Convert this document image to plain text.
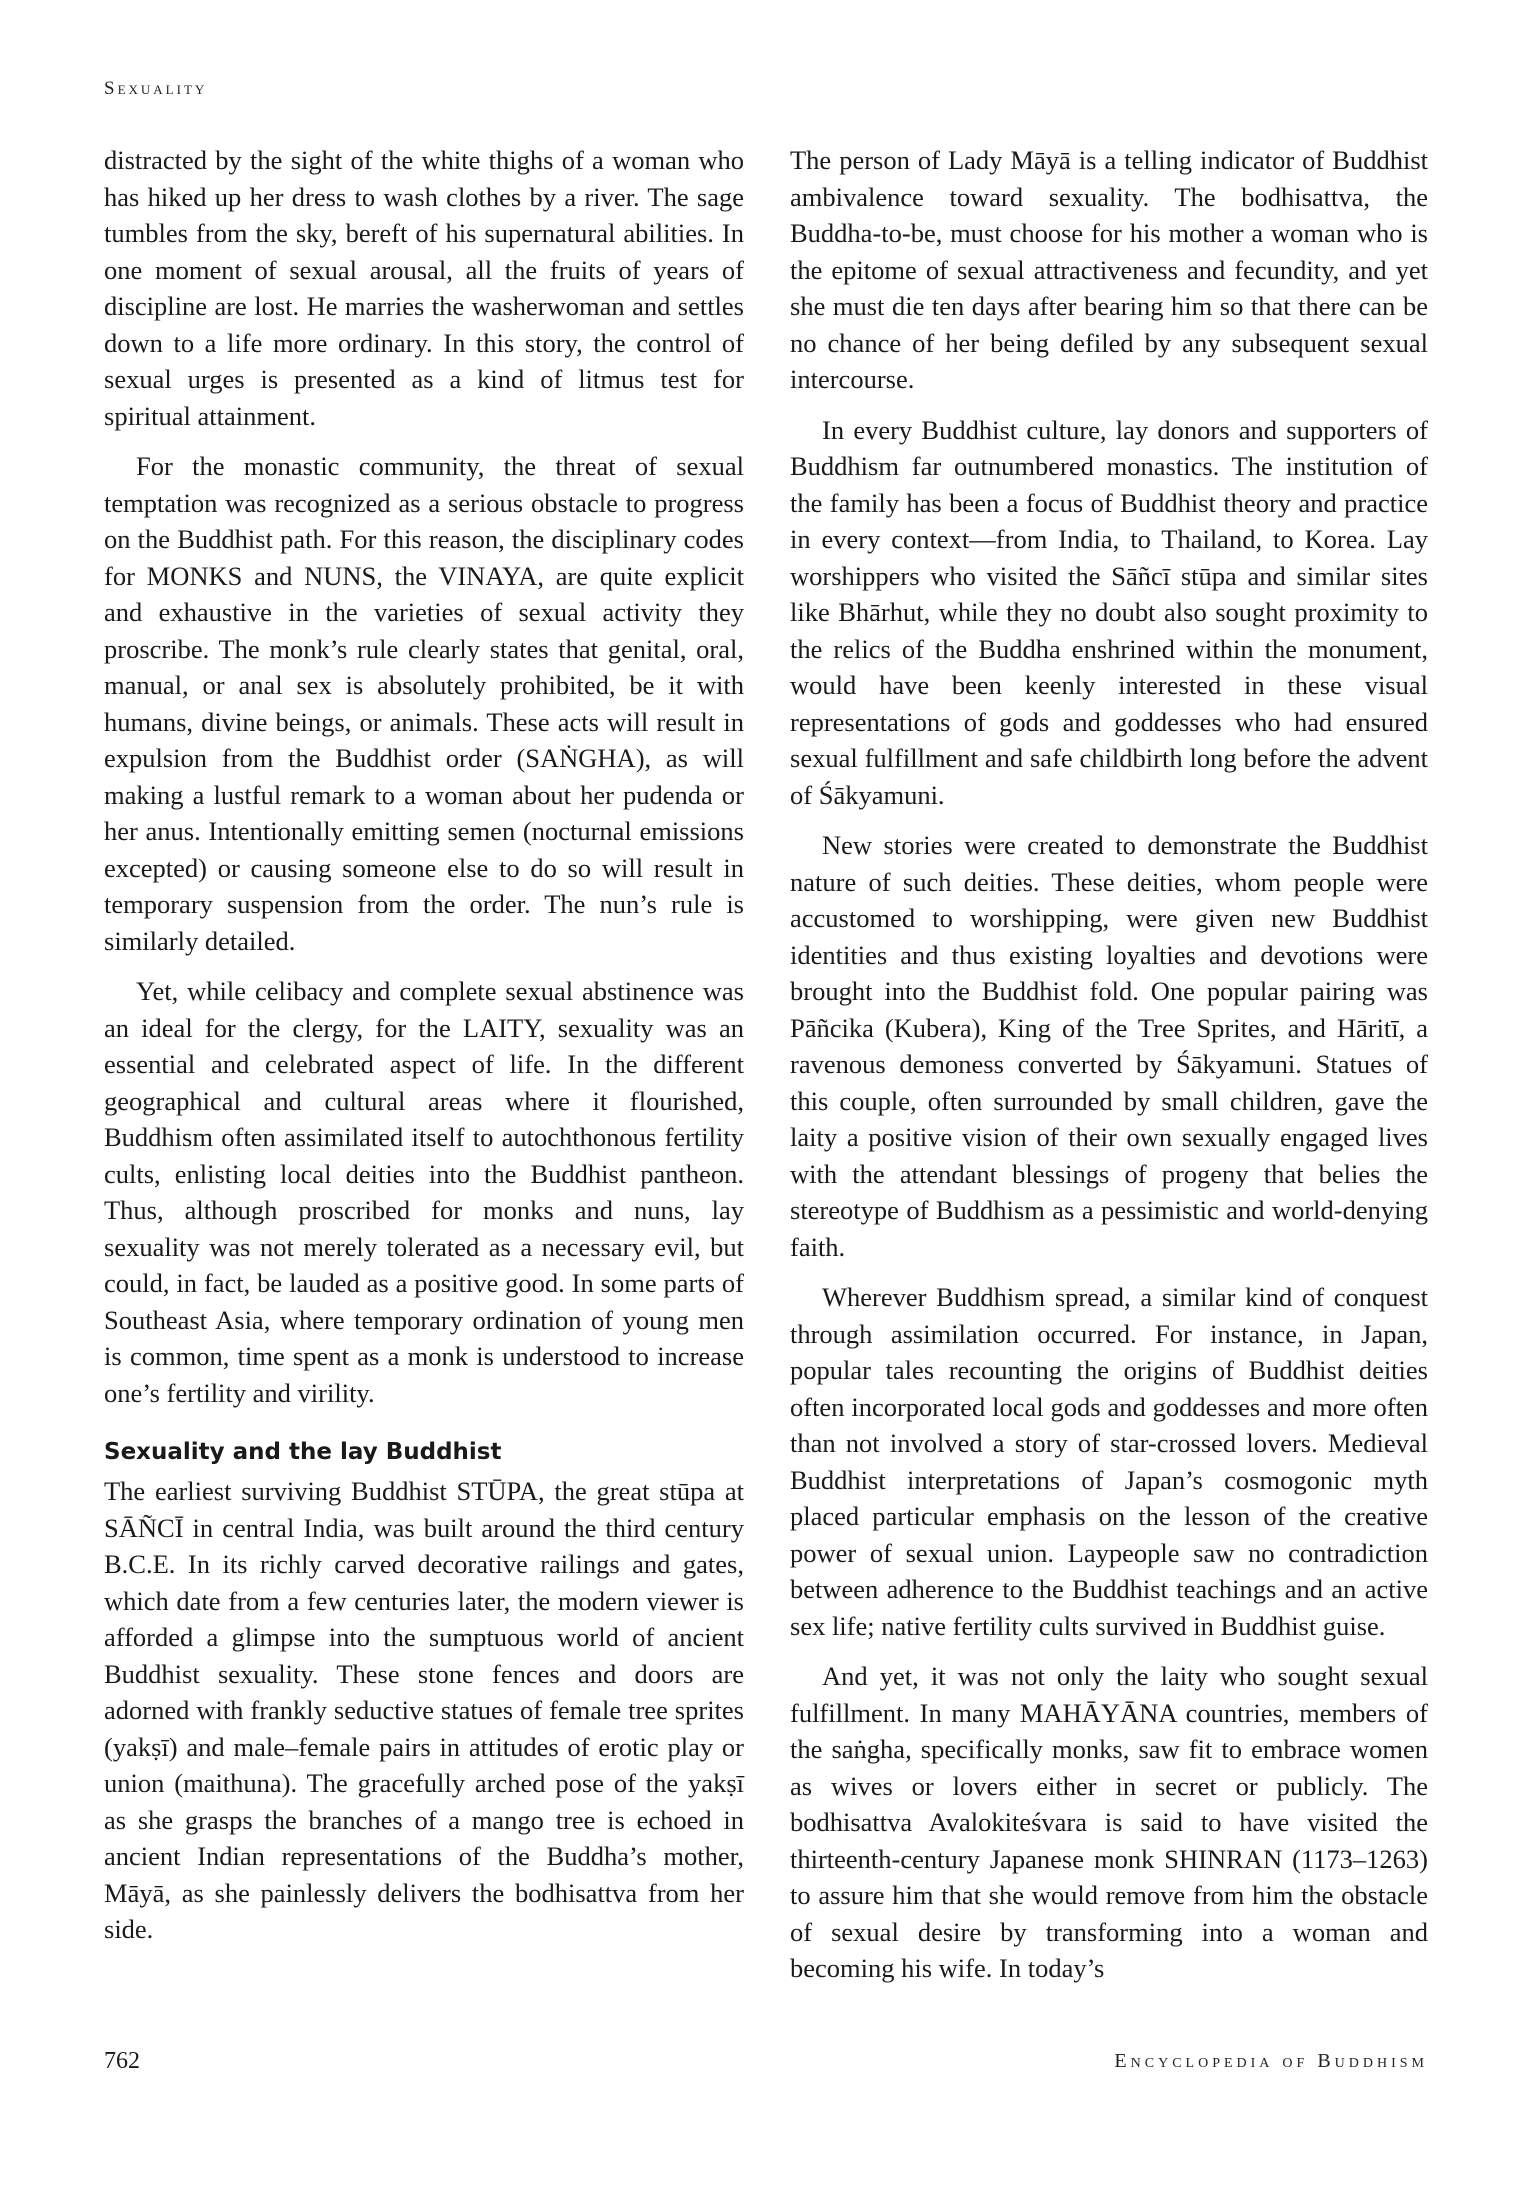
Sexuality

distracted by the sight of the white thighs of a woman who has hiked up her dress to wash clothes by a river. The sage tumbles from the sky, bereft of his supernatural abilities. In one moment of sexual arousal, all the fruits of years of discipline are lost. He marries the washerwoman and settles down to a life more ordinary. In this story, the control of sexual urges is presented as a kind of litmus test for spiritual attainment.

For the monastic community, the threat of sexual temptation was recognized as a serious obstacle to progress on the Buddhist path. For this reason, the disciplinary codes for MONKS and NUNS, the VINAYA, are quite explicit and exhaustive in the varieties of sexual activity they proscribe. The monk’s rule clearly states that genital, oral, manual, or anal sex is absolutely prohibited, be it with humans, divine beings, or animals. These acts will result in expulsion from the Buddhist order (SAṄGHA), as will making a lustful remark to a woman about her pudenda or her anus. Intentionally emitting semen (nocturnal emissions excepted) or causing someone else to do so will result in temporary suspension from the order. The nun’s rule is similarly detailed.

Yet, while celibacy and complete sexual abstinence was an ideal for the clergy, for the LAITY, sexuality was an essential and celebrated aspect of life. In the different geographical and cultural areas where it flourished, Buddhism often assimilated itself to autochthonous fertility cults, enlisting local deities into the Buddhist pantheon. Thus, although proscribed for monks and nuns, lay sexuality was not merely tolerated as a necessary evil, but could, in fact, be lauded as a positive good. In some parts of Southeast Asia, where temporary ordination of young men is common, time spent as a monk is understood to increase one’s fertility and virility.

Sexuality and the lay Buddhist

The earliest surviving Buddhist STŪPA, the great stūpa at SĀÑCĪ in central India, was built around the third century B.C.E. In its richly carved decorative railings and gates, which date from a few centuries later, the modern viewer is afforded a glimpse into the sumptuous world of ancient Buddhist sexuality. These stone fences and doors are adorned with frankly seductive statues of female tree sprites (yakṣī) and male–female pairs in attitudes of erotic play or union (maithuna). The gracefully arched pose of the yakṣī as she grasps the branches of a mango tree is echoed in ancient Indian representations of the Buddha’s mother, Māyā, as she painlessly delivers the bodhisattva from her side.

The person of Lady Māyā is a telling indicator of Buddhist ambivalence toward sexuality. The bodhisattva, the Buddha-to-be, must choose for his mother a woman who is the epitome of sexual attractiveness and fecundity, and yet she must die ten days after bearing him so that there can be no chance of her being defiled by any subsequent sexual intercourse.

In every Buddhist culture, lay donors and supporters of Buddhism far outnumbered monastics. The institution of the family has been a focus of Buddhist theory and practice in every context—from India, to Thailand, to Korea. Lay worshippers who visited the Sāñcī stūpa and similar sites like Bhārhut, while they no doubt also sought proximity to the relics of the Buddha enshrined within the monument, would have been keenly interested in these visual representations of gods and goddesses who had ensured sexual fulfillment and safe childbirth long before the advent of Śākyamuni.

New stories were created to demonstrate the Buddhist nature of such deities. These deities, whom people were accustomed to worshipping, were given new Buddhist identities and thus existing loyalties and devotions were brought into the Buddhist fold. One popular pairing was Pāñcika (Kubera), King of the Tree Sprites, and Hāritī, a ravenous demoness converted by Śākyamuni. Statues of this couple, often surrounded by small children, gave the laity a positive vision of their own sexually engaged lives with the attendant blessings of progeny that belies the stereotype of Buddhism as a pessimistic and world-denying faith.

Wherever Buddhism spread, a similar kind of conquest through assimilation occurred. For instance, in Japan, popular tales recounting the origins of Buddhist deities often incorporated local gods and goddesses and more often than not involved a story of star-crossed lovers. Medieval Buddhist interpretations of Japan’s cosmogonic myth placed particular emphasis on the lesson of the creative power of sexual union. Laypeople saw no contradiction between adherence to the Buddhist teachings and an active sex life; native fertility cults survived in Buddhist guise.

And yet, it was not only the laity who sought sexual fulfillment. In many MAHĀYĀNA countries, members of the saṅgha, specifically monks, saw fit to embrace women as wives or lovers either in secret or publicly. The bodhisattva Avalokiteśvara is said to have visited the thirteenth-century Japanese monk SHINRAN (1173–1263) to assure him that she would remove from him the obstacle of sexual desire by transforming into a woman and becoming his wife. In today’s

762	Encyclopedia of Buddhism
